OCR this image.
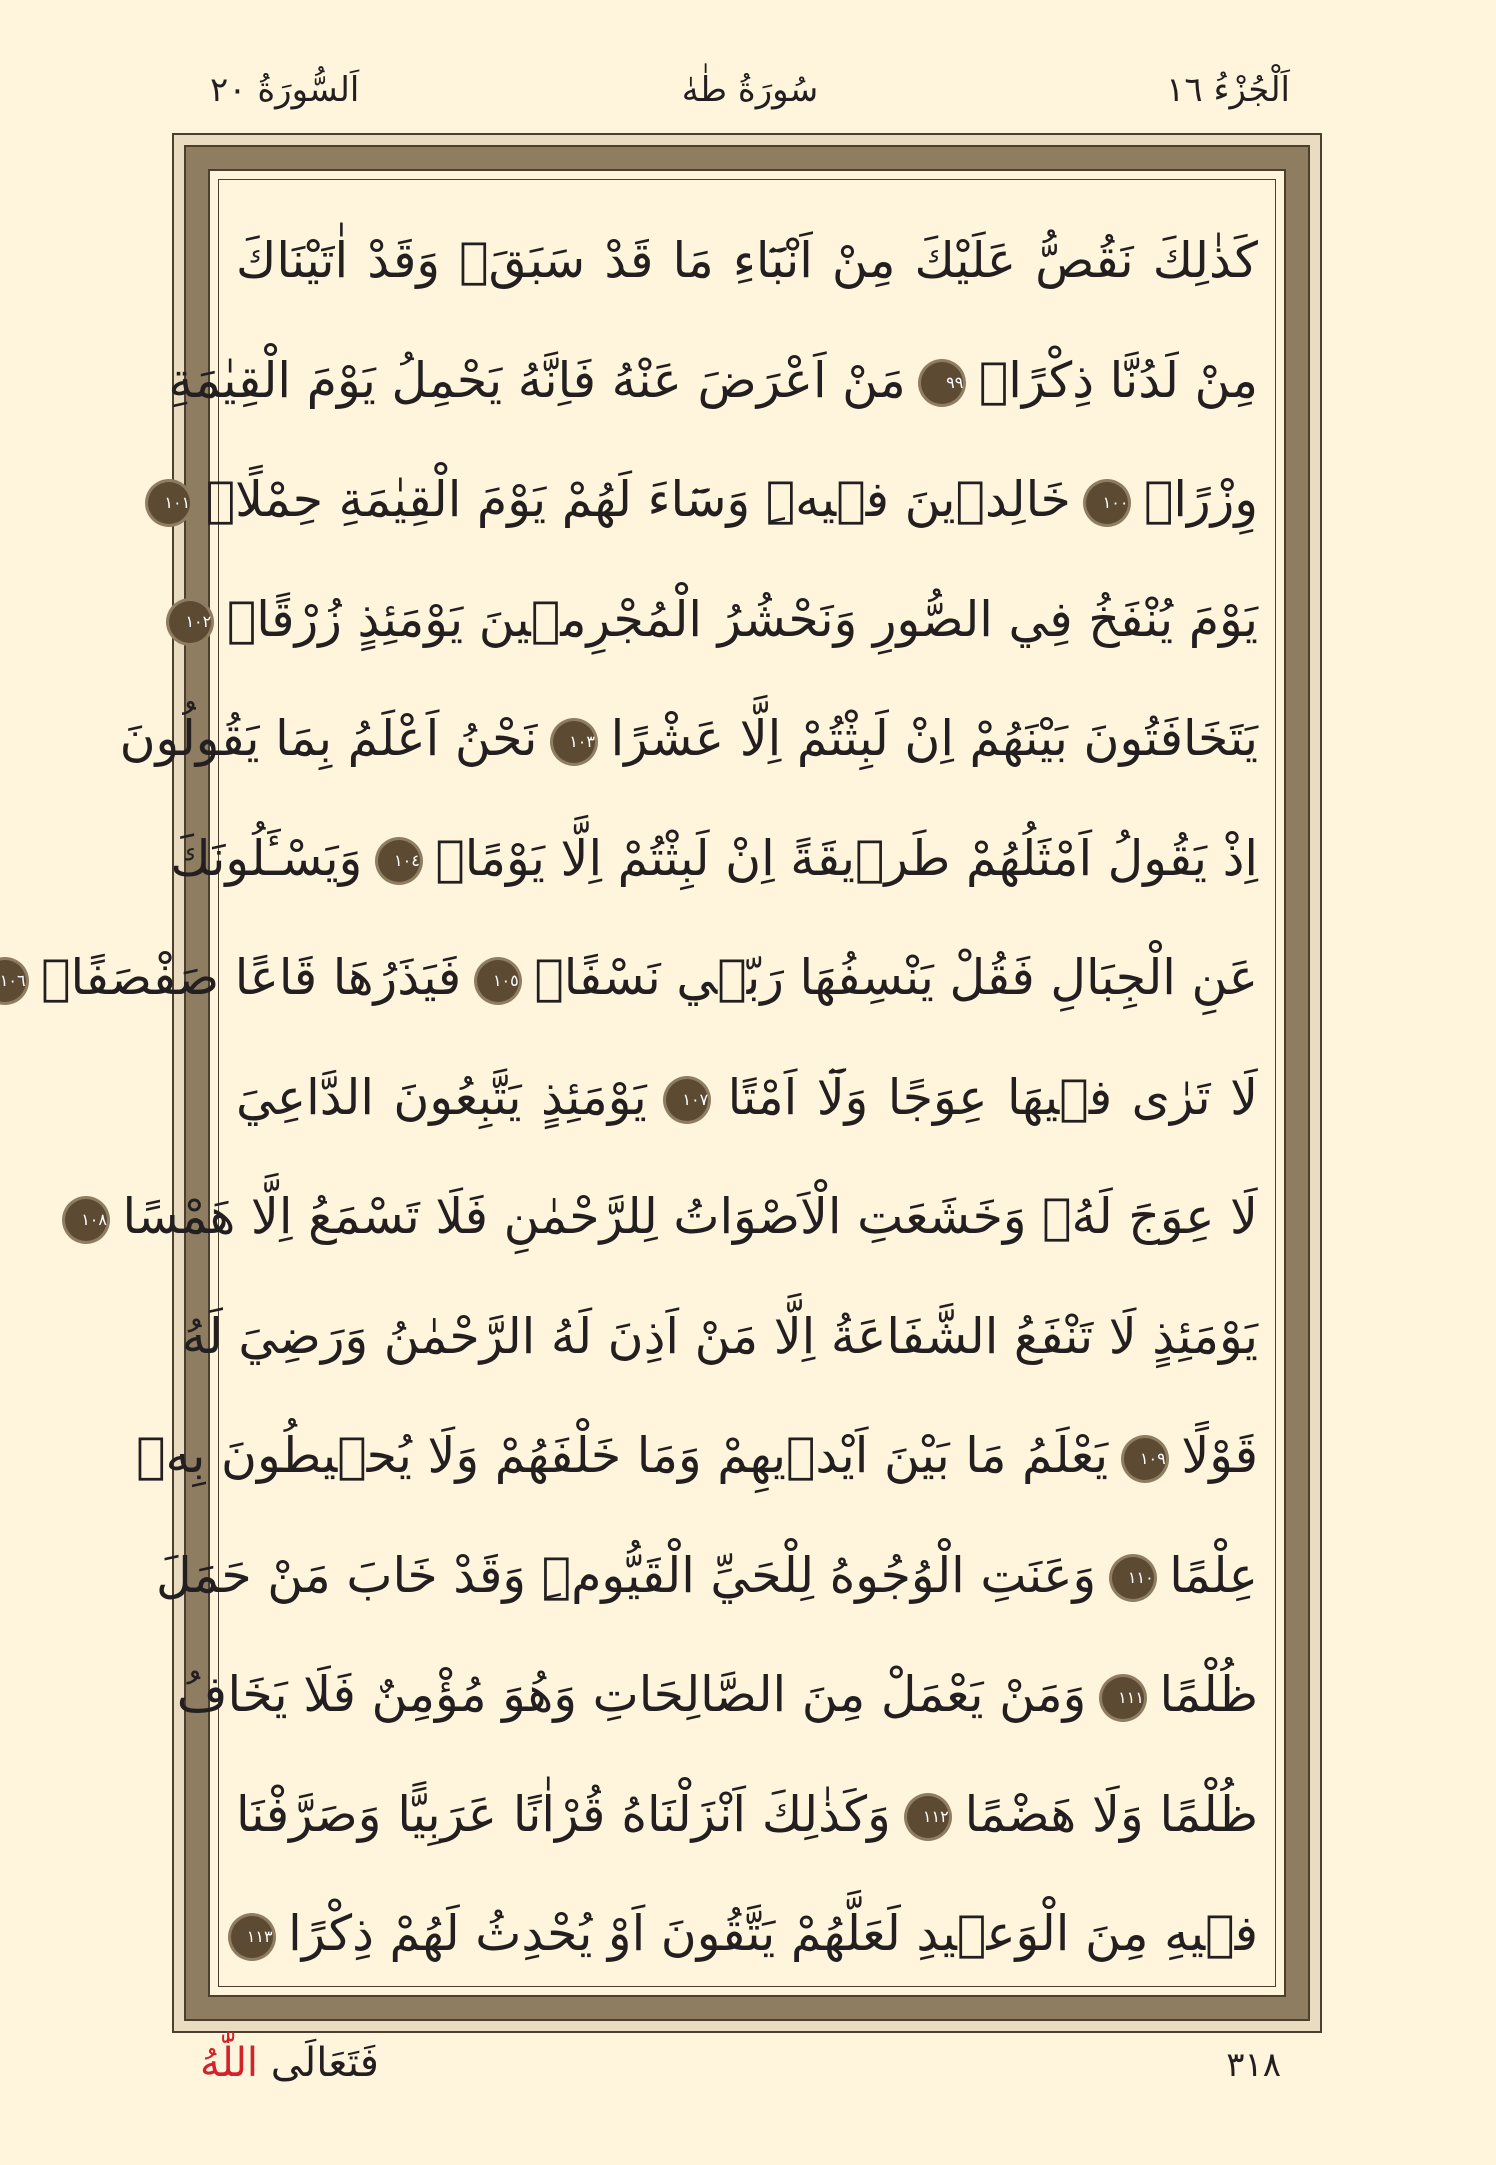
اَلْجُزْءُ ١٦
سُورَةُ طٰهٰ
اَلسُّورَةُ ٢٠
كَذٰلِكَ نَقُصُّ عَلَيْكَ مِنْ اَنْبَٓاءِ مَا قَدْ سَبَقَۚ وَقَدْ اٰتَيْنَاكَ
مِنْ لَدُنَّا ذِكْرًاۚ ٩٩ مَنْ اَعْرَضَ عَنْهُ فَاِنَّهُ يَحْمِلُ يَوْمَ الْقِيٰمَةِ
وِزْرًاۙ ١٠٠ خَالِدٖينَ فٖيهِۜ وَسَٓاءَ لَهُمْ يَوْمَ الْقِيٰمَةِ حِمْلًاۙ ١٠١
يَوْمَ يُنْفَخُ فِي الصُّورِ وَنَحْشُرُ الْمُجْرِمٖينَ يَوْمَئِذٍ زُرْقًاۚ ١٠٢
يَتَخَافَتُونَ بَيْنَهُمْ اِنْ لَبِثْتُمْ اِلَّا عَشْرًا ١٠٣ نَحْنُ اَعْلَمُ بِمَا يَقُولُونَ
اِذْ يَقُولُ اَمْثَلُهُمْ طَرٖيقَةً اِنْ لَبِثْتُمْ اِلَّا يَوْمًا۟ ١٠٤ وَيَسْـَٔلُونَكَ
عَنِ الْجِبَالِ فَقُلْ يَنْسِفُهَا رَبّٖي نَسْفًاۙ ١٠٥ فَيَذَرُهَا قَاعًا صَفْصَفًاۙ ١٠٦
لَا تَرٰى فٖيهَا عِوَجًا وَلَٓا اَمْتًا ١٠٧ يَوْمَئِذٍ يَتَّبِعُونَ الدَّاعِيَ
لَا عِوَجَ لَهُۚ وَخَشَعَتِ الْاَصْوَاتُ لِلرَّحْمٰنِ فَلَا تَسْمَعُ اِلَّا هَمْسًا ١٠٨
يَوْمَئِذٍ لَا تَنْفَعُ الشَّفَاعَةُ اِلَّا مَنْ اَذِنَ لَهُ الرَّحْمٰنُ وَرَضِيَ لَهُ
قَوْلًا ١٠٩ يَعْلَمُ مَا بَيْنَ اَيْدٖيهِمْ وَمَا خَلْفَهُمْ وَلَا يُحٖيطُونَ بِهٖ
عِلْمًا ١١٠ وَعَنَتِ الْوُجُوهُ لِلْحَيِّ الْقَيُّومِۜ وَقَدْ خَابَ مَنْ حَمَلَ
ظُلْمًا ١١١ وَمَنْ يَعْمَلْ مِنَ الصَّالِحَاتِ وَهُوَ مُؤْمِنٌ فَلَا يَخَافُ
ظُلْمًا وَلَا هَضْمًا ١١٢ وَكَذٰلِكَ اَنْزَلْنَاهُ قُرْاٰنًا عَرَبِيًّا وَصَرَّفْنَا
فٖيهِ مِنَ الْوَعٖيدِ لَعَلَّهُمْ يَتَّقُونَ اَوْ يُحْدِثُ لَهُمْ ذِكْرًا ١١٣
٣١٨
فَتَعَالَى اللّٰهُ
